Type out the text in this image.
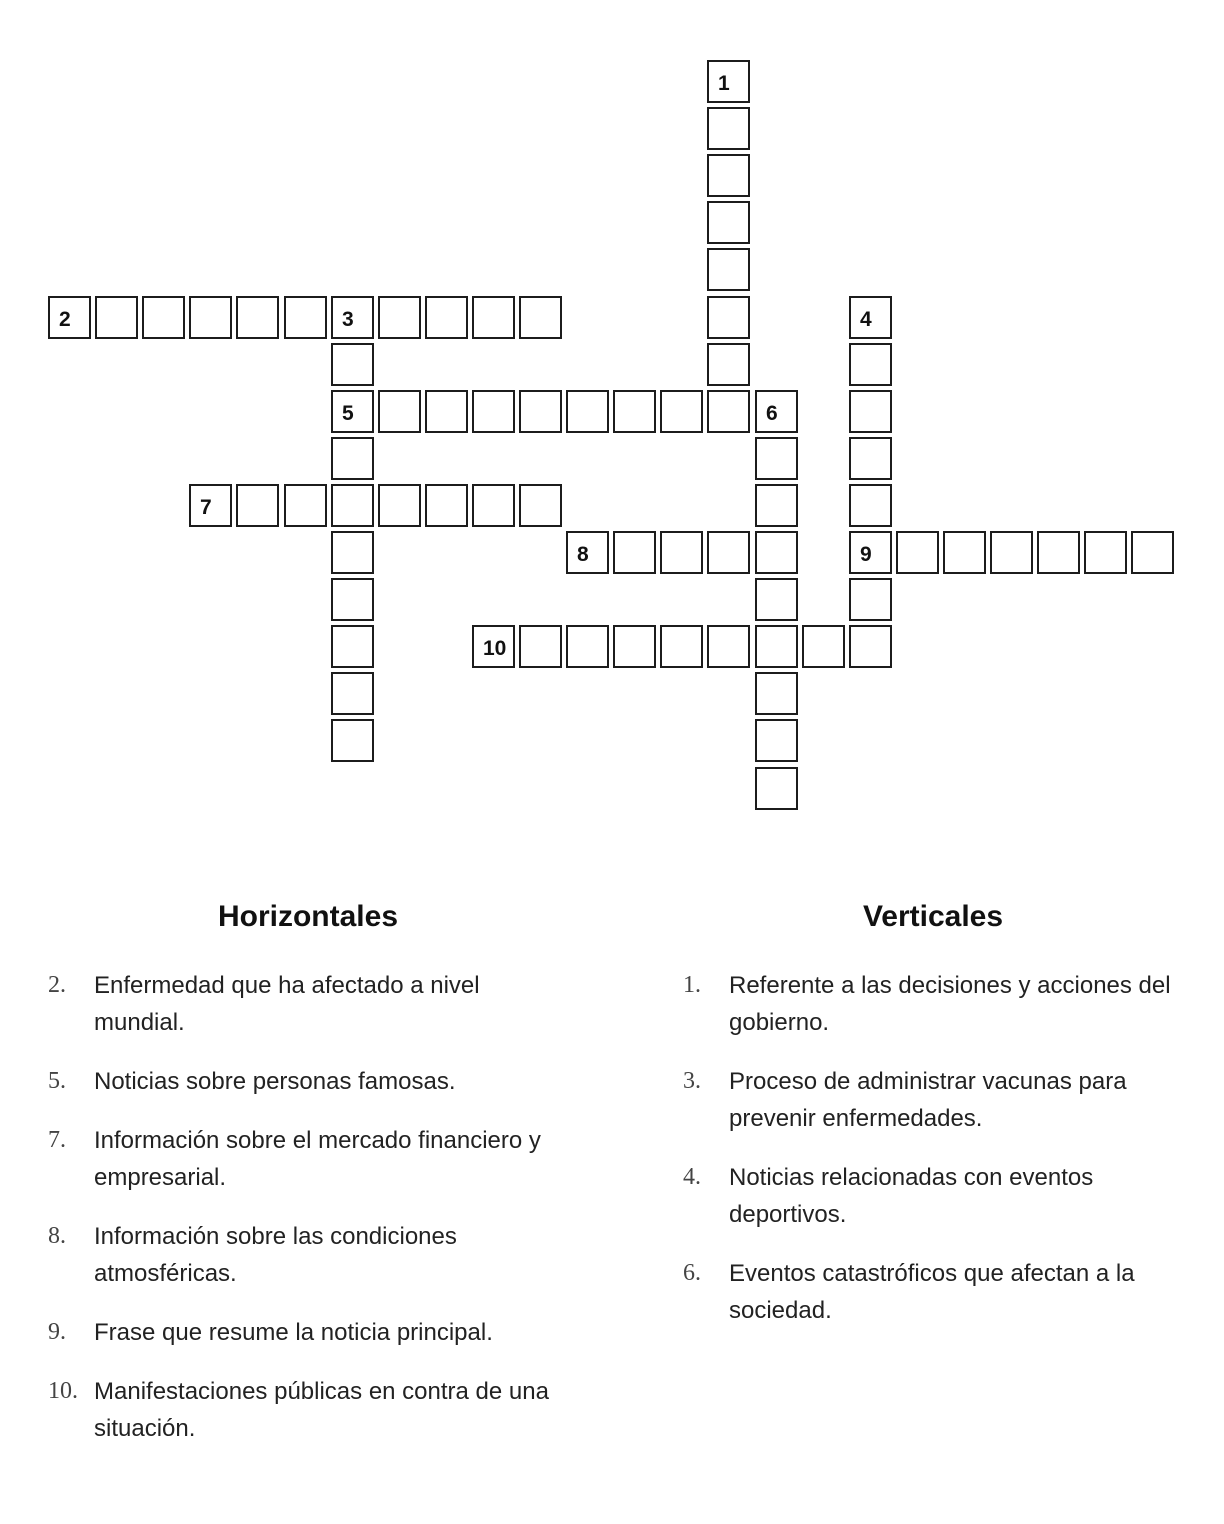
1
2	3
5
4
9
6
7
8
10
Horizontales
2. Enfermedad que ha afectado a nivel mundial.
5. Noticias sobre personas famosas.
7. Información sobre el mercado financiero y empresarial.
8. Información sobre las condiciones atmosféricas.
9. Frase que resume la noticia principal.
10. Manifestaciones públicas en contra de una situación.
Verticales
1. Referente a las decisiones y acciones del gobierno.
3. Proceso de administrar vacunas para prevenir enfermedades.
4. Noticias relacionadas con eventos deportivos.
6. Eventos catastróficos que afectan a la sociedad.
